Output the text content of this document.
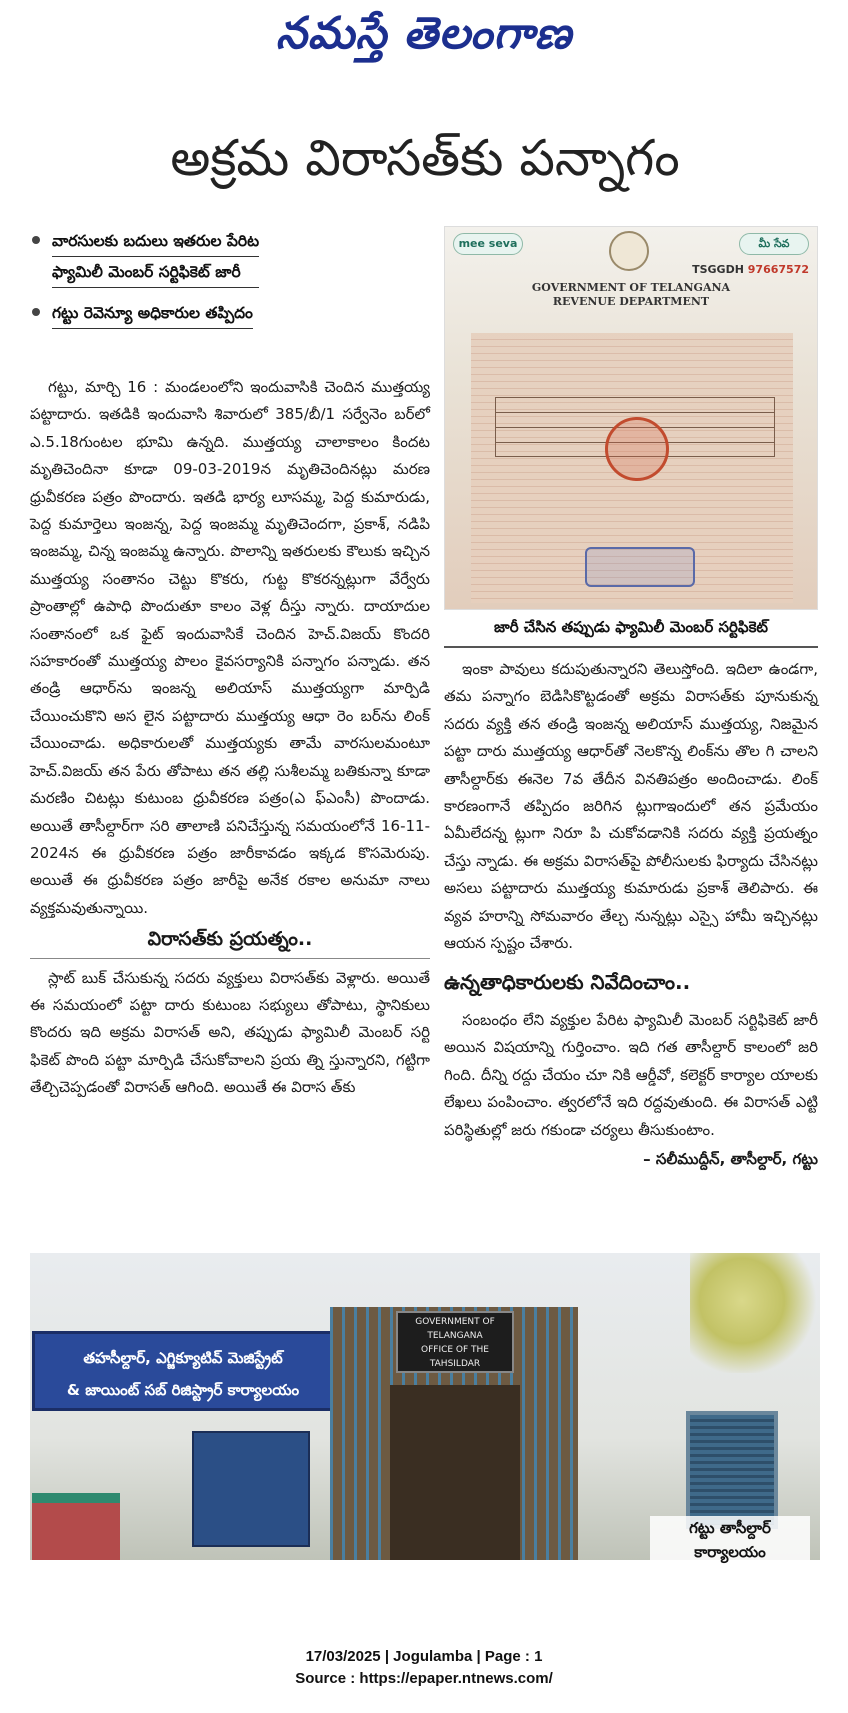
నమస్తే తెలంగాణ
అక్రమ విరాసత్‌కు పన్నాగం
వారసులకు బదులు ఇతరుల పేరిట
ఫ్యామిలీ మెంబర్ సర్టిఫికెట్ జారీ
గట్టు రెవెన్యూ అధికారుల తప్పిదం
mee seva	మీ సేవ
TSGGDH 97667572
GOVERNMENT OF TELANGANA
REVENUE DEPARTMENT
జారీ చేసిన తప్పుడు ఫ్యామిలీ మెంబర్ సర్టిఫికెట్

గట్టు, మార్చి 16 : మండలంలోని ఇందువాసికి చెందిన ముత్తయ్య పట్టాదారు. ఇతడికి ఇందువాసి శివారులో 385/బీ/1 సర్వేనెం బర్‌లో ఎ.5.18గుంటల భూమి ఉన్నది. ముత్తయ్య చాలాకాలం కిందట మృతిచెందినా కూడా 09-03-2019న మృతిచెందినట్లు మరణ ధ్రువీకరణ పత్రం పొందారు. ఇతడి భార్య లూసమ్మ, పెద్ద కుమారుడు, పెద్ద కుమార్తెలు ఇంజన్న, పెద్ద ఇంజమ్మ మృతిచెందగా, ప్రకాశ్, నడిపి ఇంజమ్మ, చిన్న ఇంజమ్మ ఉన్నారు. పొలాన్ని ఇతరులకు కౌలుకు ఇచ్చిన ముత్తయ్య సంతానం చెట్టు కొకరు, గుట్ట కొకరన్నట్లుగా వేర్వేరు ప్రాంతాల్లో ఉపాధి పొందుతూ కాలం వెళ్ల దీస్తు న్నారు. దాయాదుల సంతానంలో ఒక ఫైట్ ఇందువాసికే చెందిన హెచ్.విజయ్ కొందరి సహకారంతో ముత్తయ్య పొలం కైవసర్యానికి పన్నాగం పన్నాడు. తన తండ్రి ఆధార్‌ను ఇంజన్న అలియాస్ ముత్తయ్యగా మార్పిడి చేయించుకొని అస లైన పట్టాదారు ముత్తయ్య ఆధా రెం బర్‌ను లింక్ చేయించాడు. అధికారులతో ముత్తయ్యకు తామే వారసులమంటూ హెచ్.విజయ్ తన పేరు తోపాటు తన తల్లి సుశీలమ్మ బతికున్నా కూడా మరణిం చిటట్లు కుటుంబ ధ్రువీకరణ పత్రం(ఎ ఫ్‌ఎంసీ) పొందాడు. అయితే తాసీల్దార్‌గా సరి తాలాణి పనిచేస్తున్న సమయంలోనే 16-11-2024న ఈ ధ్రువీకరణ పత్రం జారీకావడం ఇక్కడ కొసమెరుపు. అయితే ఈ ధ్రువీకరణ పత్రం జారీపై అనేక రకాల అనుమా నాలు వ్యక్తమవుతున్నాయి.

విరాసత్‌కు ప్రయత్నం..

స్లాట్ బుక్ చేసుకున్న సదరు వ్యక్తులు విరాసత్‌కు వెళ్లారు. అయితే ఈ సమయంలో పట్టా దారు కుటుంబ సభ్యులు తోపాటు, స్థానికులు కొందరు ఇది అక్రమ విరాసత్ అని, తప్పుడు ఫ్యామిలీ మెంబర్ సర్టి ఫికెట్ పొంది పట్టా మార్పిడి చేసుకోవాలని ప్రయ త్ని స్తున్నారని, గట్టిగా తేల్చిచెప్పడంతో విరాసత్ ఆగింది. అయితే ఈ విరాస త్‌కు

ఇంకా పావులు కదుపుతున్నారని తెలుస్తోంది. ఇదిలా ఉండగా, తమ పన్నాగం బెడిసికొట్టడంతో అక్రమ విరాసత్‌కు పూనుకున్న సదరు వ్యక్తి తన తండ్రి ఇంజన్న అలియాస్ ముత్తయ్య, నిజమైన పట్టా దారు ముత్తయ్య ఆధార్‌తో నెలకొన్న లింక్‌ను తొల గి చాలని తాసీల్దార్‌కు ఈనెల 7వ తేదీన వినతిపత్రం అందించాడు. లింక్ కారణంగానే తప్పిదం జరిగిన ట్లుగాఇందులో తన ప్రమేయం ఏమీలేదన్న ట్లుగా నిరూ పి చుకోవడానికి సదరు వ్యక్తి ప్రయత్నం చేస్తు న్నాడు. ఈ అక్రమ విరాసత్‌పై పోలీసులకు ఫిర్యాదు చేసినట్లు అసలు పట్టాదారు ముత్తయ్య కుమారుడు ప్రకాశ్ తెలిపారు. ఈ వ్యవ హరాన్ని సోమవారం తేల్చ నున్నట్లు ఎస్సై హామీ ఇచ్చినట్లు ఆయన స్పష్టం చేశారు.

ఉన్నతాధికారులకు నివేదించాం..

సంబంధం లేని వ్యక్తుల పేరిట ఫ్యామిలీ మెంబర్ సర్టిఫికెట్ జారీ అయిన విషయాన్ని గుర్తించాం. ఇది గత తాసీల్దార్ కాలంలో జరి గింది. దీన్ని రద్దు చేయం చూ నికి ఆర్డీవో, కలెక్టర్ కార్యాల యాలకు లేఖలు పంపించాం. త్వరలోనే ఇది రద్దవుతుంది. ఈ విరాసత్ ఎట్టి పరిస్థితుల్లో జరు గకుండా చర్యలు తీసుకుంటాం.

– సలీముద్దీన్, తాసీల్దార్, గట్టు
తహసీల్దార్, ఎగ్జిక్యూటివ్ మెజిస్ట్రేట్
& జాయింట్ సబ్ రిజిస్ట్రార్ కార్యాలయం
GOVERNMENT OF TELANGANA
OFFICE OF THE TAHSILDAR
గట్టు తాసీల్దార్
కార్యాలయం
17/03/2025 | Jogulamba | Page : 1
Source : https://epaper.ntnews.com/
